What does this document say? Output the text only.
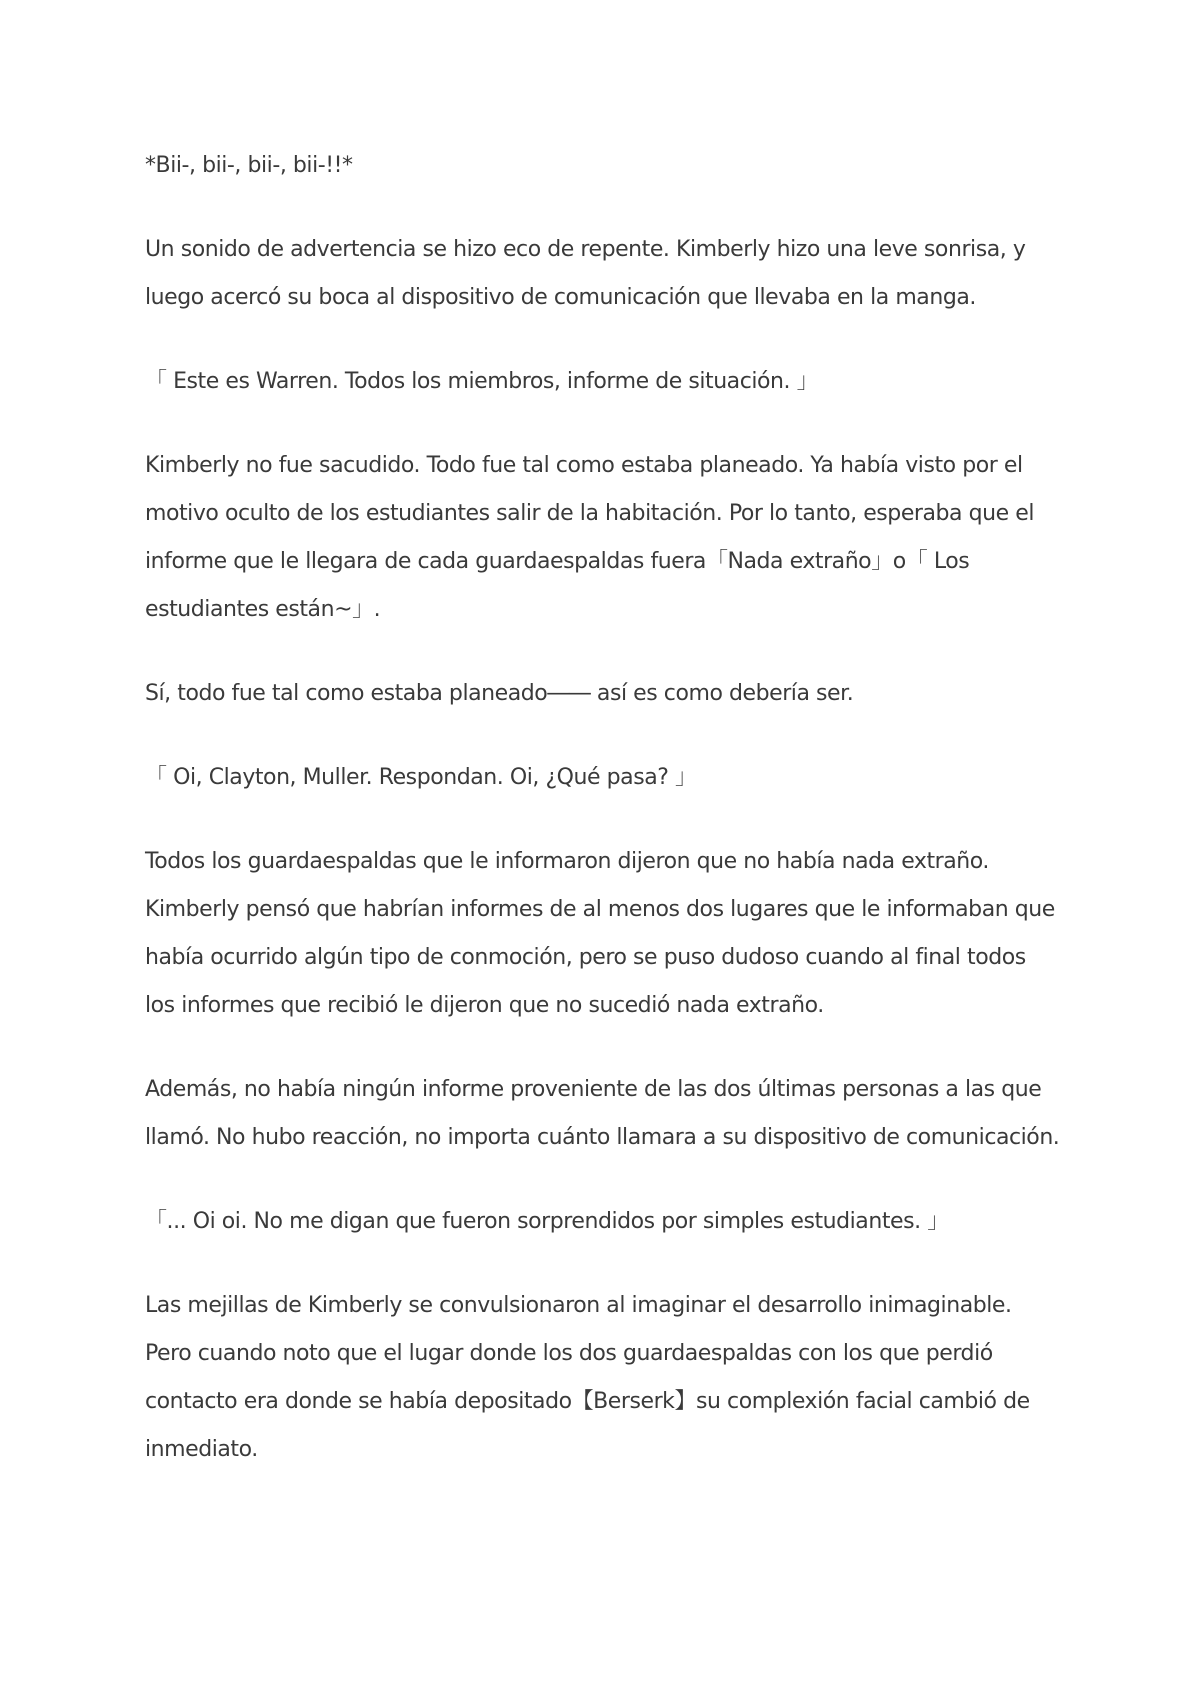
*Bii-, bii-, bii-, bii-!!*

Un sonido de advertencia se hizo eco de repente. Kimberly hizo una leve sonrisa, y luego acercó su boca al dispositivo de comunicación que llevaba en la manga.

「 Este es Warren. Todos los miembros, informe de situación. 」

Kimberly no fue sacudido. Todo fue tal como estaba planeado. Ya había visto por el motivo oculto de los estudiantes salir de la habitación. Por lo tanto, esperaba que el informe que le llegara de cada guardaespaldas fuera「Nada extraño」o「 Los estudiantes están~」.

Sí, todo fue tal como estaba planeado―― así es como debería ser.

「 Oi, Clayton, Muller. Respondan. Oi, ¿Qué pasa? 」

Todos los guardaespaldas que le informaron dijeron que no había nada extraño. Kimberly pensó que habrían informes de al menos dos lugares que le informaban que había ocurrido algún tipo de conmoción, pero se puso dudoso cuando al final todos los informes que recibió le dijeron que no sucedió nada extraño.

Además, no había ningún informe proveniente de las dos últimas personas a las que llamó. No hubo reacción, no importa cuánto llamara a su dispositivo de comunicación.

「... Oi oi. No me digan que fueron sorprendidos por simples estudiantes. 」

Las mejillas de Kimberly se convulsionaron al imaginar el desarrollo inimaginable. Pero cuando noto que el lugar donde los dos guardaespaldas con los que perdió contacto era donde se había depositado【Berserk】su complexión facial cambió de inmediato.
